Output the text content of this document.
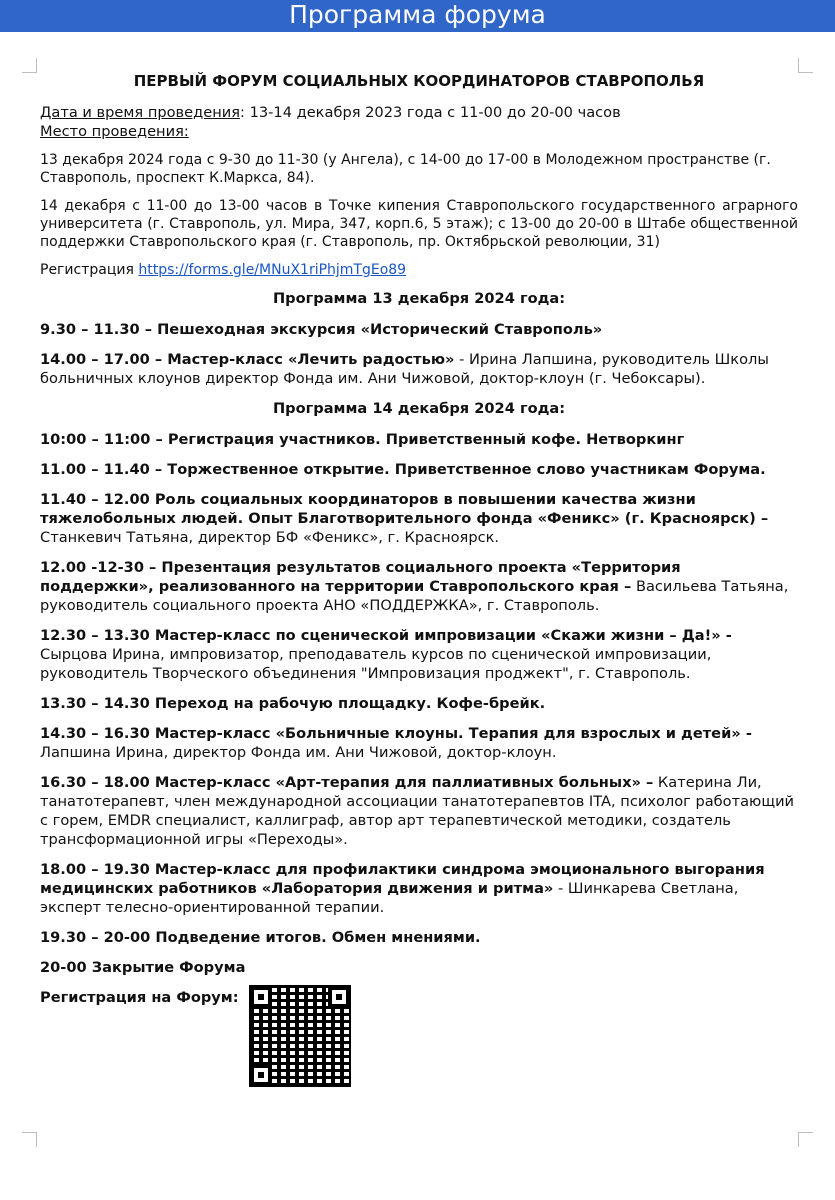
Программа форума
ПЕРВЫЙ ФОРУМ СОЦИАЛЬНЫХ КООРДИНАТОРОВ СТАВРОПОЛЬЯ
Дата и время проведения: 13-14 декабря 2023 года с 11-00 до 20-00 часов
Место проведения:
13 декабря 2024 года с 9-30 до 11-30 (у Ангела), с 14-00 до 17-00 в Молодежном пространстве (г. Ставрополь, проспект К.Маркса, 84).
14 декабря с 11-00 до 13-00 часов в Точке кипения Ставропольского государственного аграрного университета (г. Ставрополь, ул. Мира, 347, корп.6, 5 этаж); с 13-00 до 20-00 в Штабе общественной поддержки Ставропольского края (г. Ставрополь, пр. Октябрьской революции, 31)
Регистрация https://forms.gle/MNuX1riPhjmTgEo89
Программа 13 декабря 2024 года:
9.30 – 11.30 – Пешеходная экскурсия «Исторический Ставрополь»
14.00 – 17.00 – Мастер-класс «Лечить радостью» - Ирина Лапшина, руководитель Школы больничных клоунов директор Фонда им. Ани Чижовой, доктор-клоун (г. Чебоксары).
Программа 14 декабря 2024 года:
10:00 – 11:00 – Регистрация участников. Приветственный кофе. Нетворкинг
11.00 – 11.40 – Торжественное открытие. Приветственное слово участникам Форума.
11.40 – 12.00 Роль социальных координаторов в повышении качества жизни тяжелобольных людей. Опыт Благотворительного фонда «Феникс» (г. Красноярск) – Станкевич Татьяна, директор БФ «Феникс», г. Красноярск.
12.00 -12-30 – Презентация результатов социального проекта «Территория поддержки», реализованного на территории Ставропольского края – Васильева Татьяна, руководитель социального проекта АНО «ПОДДЕРЖКА», г. Ставрополь.
12.30 – 13.30 Мастер-класс по сценической импровизации «Скажи жизни – Да!» - Сырцова Ирина, импровизатор, преподаватель курсов по сценической импровизации, руководитель Творческого объединения "Импровизация проджект", г. Ставрополь.
13.30 – 14.30 Переход на рабочую площадку. Кофе-брейк.
14.30 – 16.30 Мастер-класс «Больничные клоуны. Терапия для взрослых и детей» - Лапшина Ирина, директор Фонда им. Ани Чижовой, доктор-клоун.
16.30 – 18.00 Мастер-класс «Арт-терапия для паллиативных больных» – Катерина Ли, танатотерапевт, член международной ассоциации танатотерапевтов ITA, психолог работающий с горем, EMDR специалист, каллиграф, автор арт терапевтической методики, создатель трансформационной игры «Переходы».
18.00 – 19.30 Мастер-класс для профилактики синдрома эмоционального выгорания медицинских работников «Лаборатория движения и ритма» - Шинкарева Светлана, эксперт телесно-ориентированной терапии.
19.30 – 20-00 Подведение итогов. Обмен мнениями.
20-00 Закрытие Форума
Регистрация на Форум:
